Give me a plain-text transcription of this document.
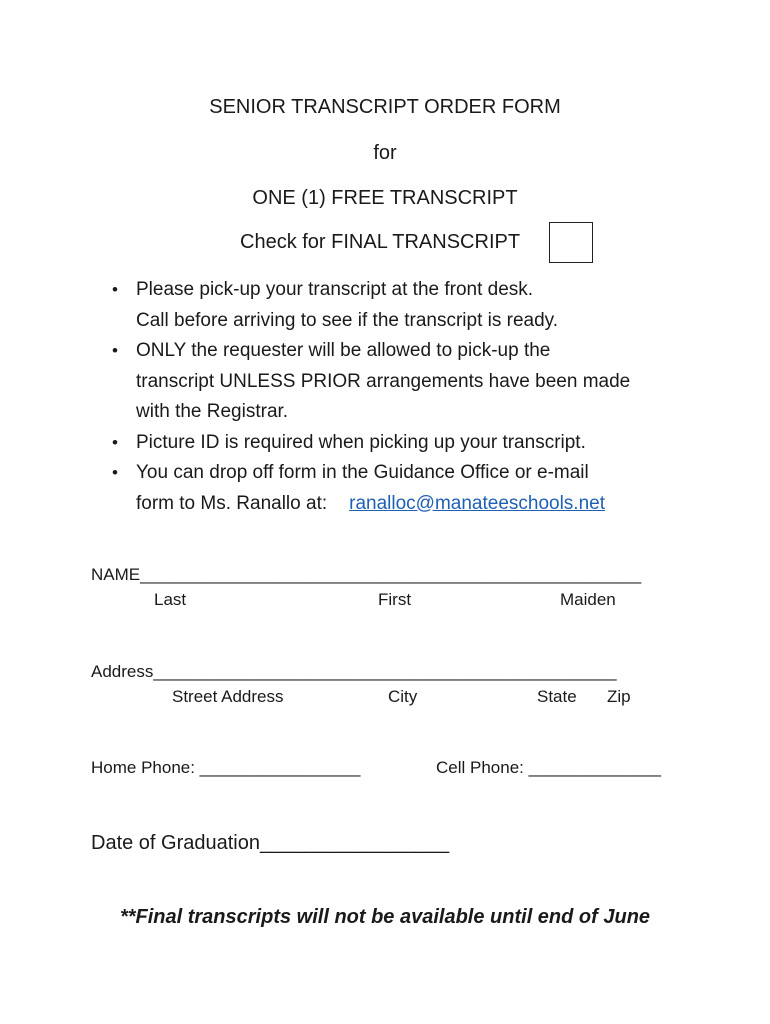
SENIOR TRANSCRIPT ORDER FORM
for
ONE (1) FREE TRANSCRIPT
Check for FINAL TRANSCRIPT
• Please pick-up your transcript at the front desk.
Call before arriving to see if the transcript is ready.
• ONLY the requester will be allowed to pick-up the
transcript UNLESS PRIOR arrangements have been made
with the Registrar.
• Picture ID is required when picking up your transcript.
• You can drop off form in the Guidance Office or e-mail
form to Ms. Ranallo at: ranalloc@manateeschools.net
NAME_____________________________________________________
Last	First	Maiden
Address_________________________________________________
Street Address	City	State Zip
Home Phone: _________________	Cell Phone: ______________
Date of Graduation_________________
**Final transcripts will not be available until end of June
